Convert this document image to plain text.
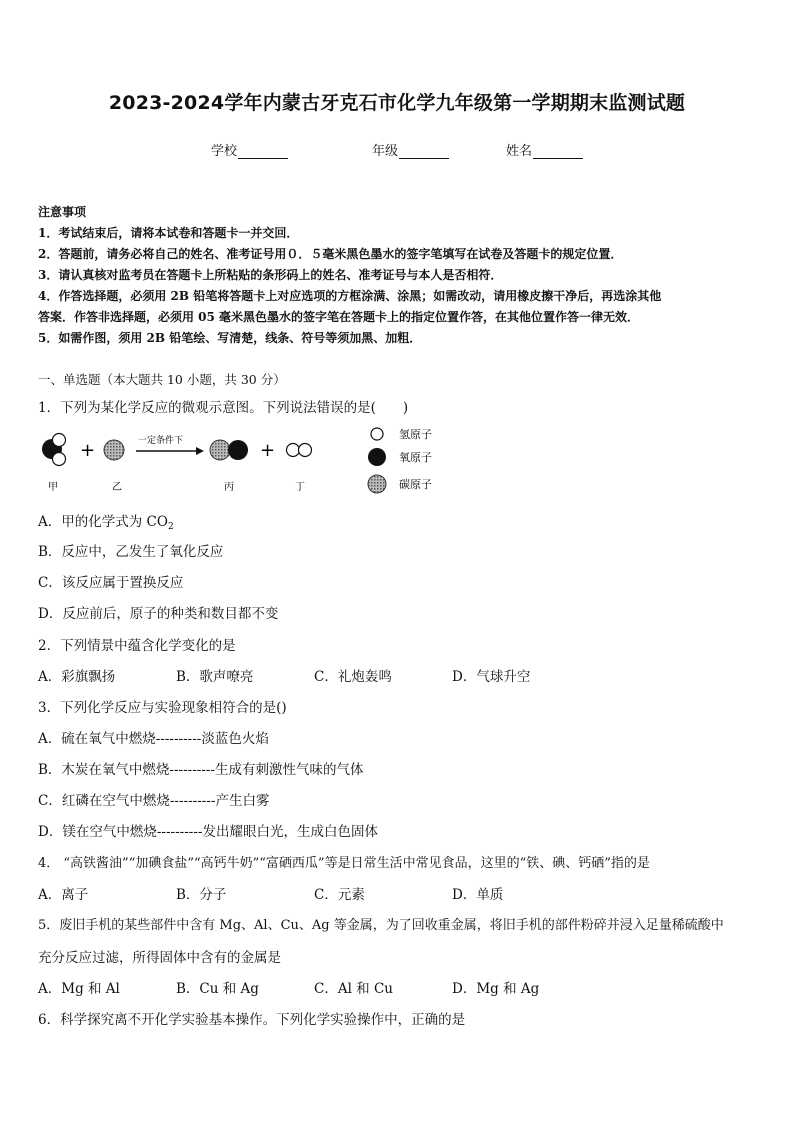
2023-2024学年内蒙古牙克石市化学九年级第一学期期末监测试题
学校	年级	姓名
注意事项
1．考试结束后，请将本试卷和答题卡一并交回．
2．答题前，请务必将自己的姓名、准考证号用０．５毫米黑色墨水的签字笔填写在试卷及答题卡的规定位置．
3．请认真核对监考员在答题卡上所粘贴的条形码上的姓名、准考证号与本人是否相符．
4．作答选择题，必须用 2B 铅笔将答题卡上对应选项的方框涂满、涂黑；如需改动，请用橡皮擦干净后，再选涂其他
答案．作答非选择题，必须用 05 毫米黑色墨水的签字笔在答题卡上的指定位置作答，在其他位置作答一律无效．
5．如需作图，须用 2B 铅笔绘、写清楚，线条、符号等须加黑、加粗．
一、单选题（本大题共 10 小题，共 30 分）
1．下列为某化学反应的微观示意图。下列说法错误的是(　　)
+	一定条件下	+
甲	乙	丙	丁
氢原子
氧原子
碳原子
A．甲的化学式为 $CO_2$
B．反应中，乙发生了氧化反应
C．该反应属于置换反应
D．反应前后，原子的种类和数目都不变
2．下列情景中蕴含化学变化的是
A．彩旗飘扬	B．歌声嘹亮	C．礼炮轰鸣	D．气球升空
3．下列化学反应与实验现象相符合的是()
A．硫在氧气中燃烧----------淡蓝色火焰
B．木炭在氧气中燃烧----------生成有刺激性气味的气体
C．红磷在空气中燃烧----------产生白雾
D．镁在空气中燃烧----------发出耀眼白光，生成白色固体
4． “高铁酱油”“加碘食盐”“高钙牛奶”“富硒西瓜”等是日常生活中常见食品，这里的“铁、碘、钙硒”指的是
A．离子	B．分子	C．元素	D．单质
5．废旧手机的某些部件中含有 Mg、Al、Cu、Ag 等金属，为了回收重金属，将旧手机的部件粉碎并浸入足量稀硫酸中
充分反应过滤，所得固体中含有的金属是
A．Mg 和 Al	B．Cu 和 Ag	C．Al 和 Cu	D．Mg 和 Ag
6．科学探究离不开化学实验基本操作。下列化学实验操作中，正确的是
